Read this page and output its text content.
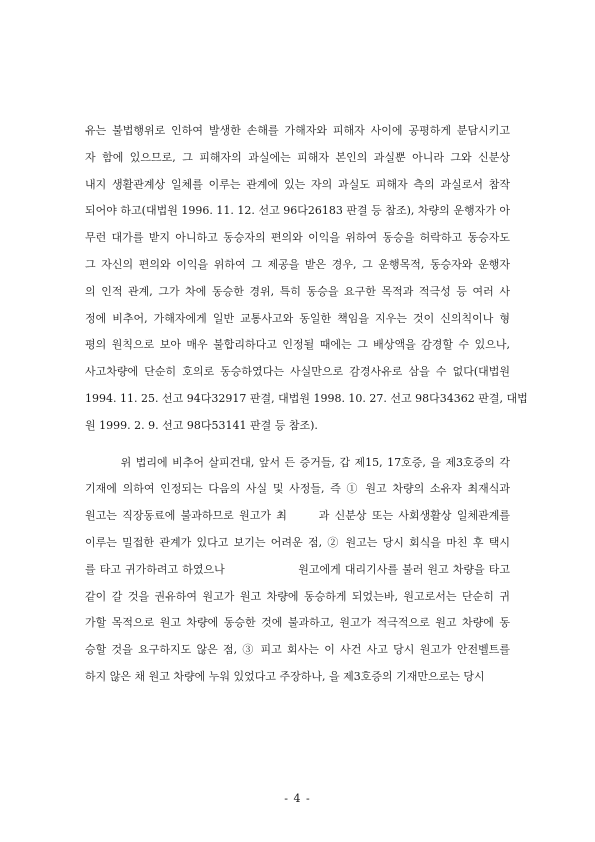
유는 불법행위로 인하여 발생한 손해를 가해자와 피해자 사이에 공평하게 분담시키고
자 함에 있으므로, 그 피해자의 과실에는 피해자 본인의 과실뿐 아니라 그와 신분상
내지 생활관계상 일체를 이루는 관계에 있는 자의 과실도 피해자 측의 과실로서 참작
되어야 하고(대법원 1996. 11. 12. 선고 96다26183 판결 등 참조), 차량의 운행자가 아
무런 대가를 받지 아니하고 동승자의 편의와 이익을 위하여 동승을 허락하고 동승자도
그 자신의 편의와 이익을 위하여 그 제공을 받은 경우, 그 운행목적, 동승자와 운행자
의 인적 관계, 그가 차에 동승한 경위, 특히 동승을 요구한 목적과 적극성 등 여러 사
정에 비추어, 가해자에게 일반 교통사고와 동일한 책임을 지우는 것이 신의칙이나 형
평의 원칙으로 보아 매우 불합리하다고 인정될 때에는 그 배상액을 감경할 수 있으나,
사고차량에 단순히 호의로 동승하였다는 사실만으로 감경사유로 삼을 수 없다(대법원
1994. 11. 25. 선고 94다32917 판결, 대법원 1998. 10. 27. 선고 98다34362 판결, 대법
원 1999. 2. 9. 선고 98다53141 판결 등 참조).
위 법리에 비추어 살피건대, 앞서 든 증거들, 갑 제15, 17호증, 을 제3호증의 각
기재에 의하여 인정되는 다음의 사실 및 사정들, 즉 ① 원고 차량의 소유자 최재식과
원고는 직장동료에 불과하므로 원고가 최      과 신분상 또는 사회생활상 일체관계를
이루는 밀접한 관계가 있다고 보기는 어려운 점, ② 원고는 당시 회식을 마친 후 택시
를 타고 귀가하려고 하였으나                  원고에게 대리기사를 불러 원고 차량을 타고
같이 갈 것을 권유하여 원고가 원고 차량에 동승하게 되었는바, 원고로서는 단순히 귀
가할 목적으로 원고 차량에 동승한 것에 불과하고, 원고가 적극적으로 원고 차량에 동
승할 것을 요구하지도 않은 점, ③ 피고 회사는 이 사건 사고 당시 원고가 안전벨트를
하지 않은 채 원고 차량에 누워 있었다고 주장하나, 을 제3호증의 기재만으로는 당시
- 4 -
